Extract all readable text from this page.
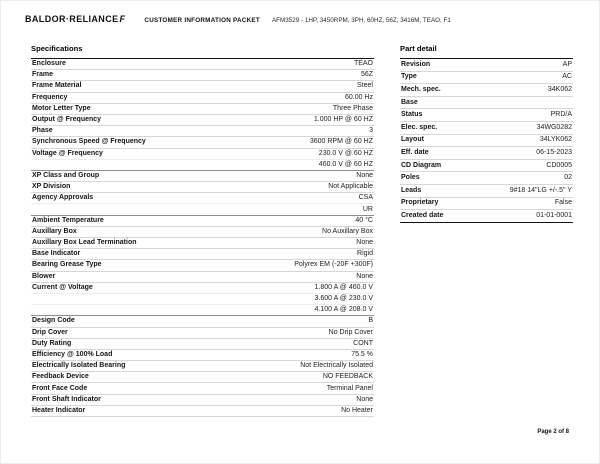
BALDOR·RELIANCEF	CUSTOMER INFORMATION PACKET AFM3529 - 1HP, 3450RPM, 3PH, 60HZ, 56Z, 3416M, TEAO, F1
Specifications
Enclosure	TEAO
Frame	56Z
Frame Material	Steel
Frequency	60.00 Hz
Motor Letter Type	Three Phase
Output @ Frequency	1.000 HP @ 60 HZ
Phase	3
Synchronous Speed @ Frequency	3600 RPM @ 60 HZ
Voltage @ Frequency	230.0 V @ 60 HZ
460.0 V @ 60 HZ
XP Class and Group	None
XP Division	Not Applicable
Agency Approvals	CSA
UR
Ambient Temperature	40 °C
Auxillary Box	No Auxillary Box
Auxillary Box Lead Termination	None
Base Indicator	Rigid
Bearing Grease Type	Polyrex EM (-20F +300F)
Blower	None
Current @ Voltage	1.800 A @ 460.0 V
3.600 A @ 230.0 V
4.100 A @ 208.0 V
Design Code	B
Drip Cover	No Drip Cover
Duty Rating	CONT
Efficiency @ 100% Load	75.5 %
Electrically Isolated Bearing	Not Electrically Isolated
Feedback Device	NO FEEDBACK
Front Face Code	Terminal Panel
Front Shaft Indicator	None
Heater Indicator	No Heater
Part detail
Revision	AP
Type	AC
Mech. spec.	34K062
Base

Status	PRD/A
Elec. spec.	34WG0282
Layout	34LYK062
Eff. date	06-15-2023
CD Diagram	CD0005
Poles	02
Leads	9#18 14"LG +/-.5" Y
Proprietary	False
Created date	01-01-0001
Page 2 of 8
